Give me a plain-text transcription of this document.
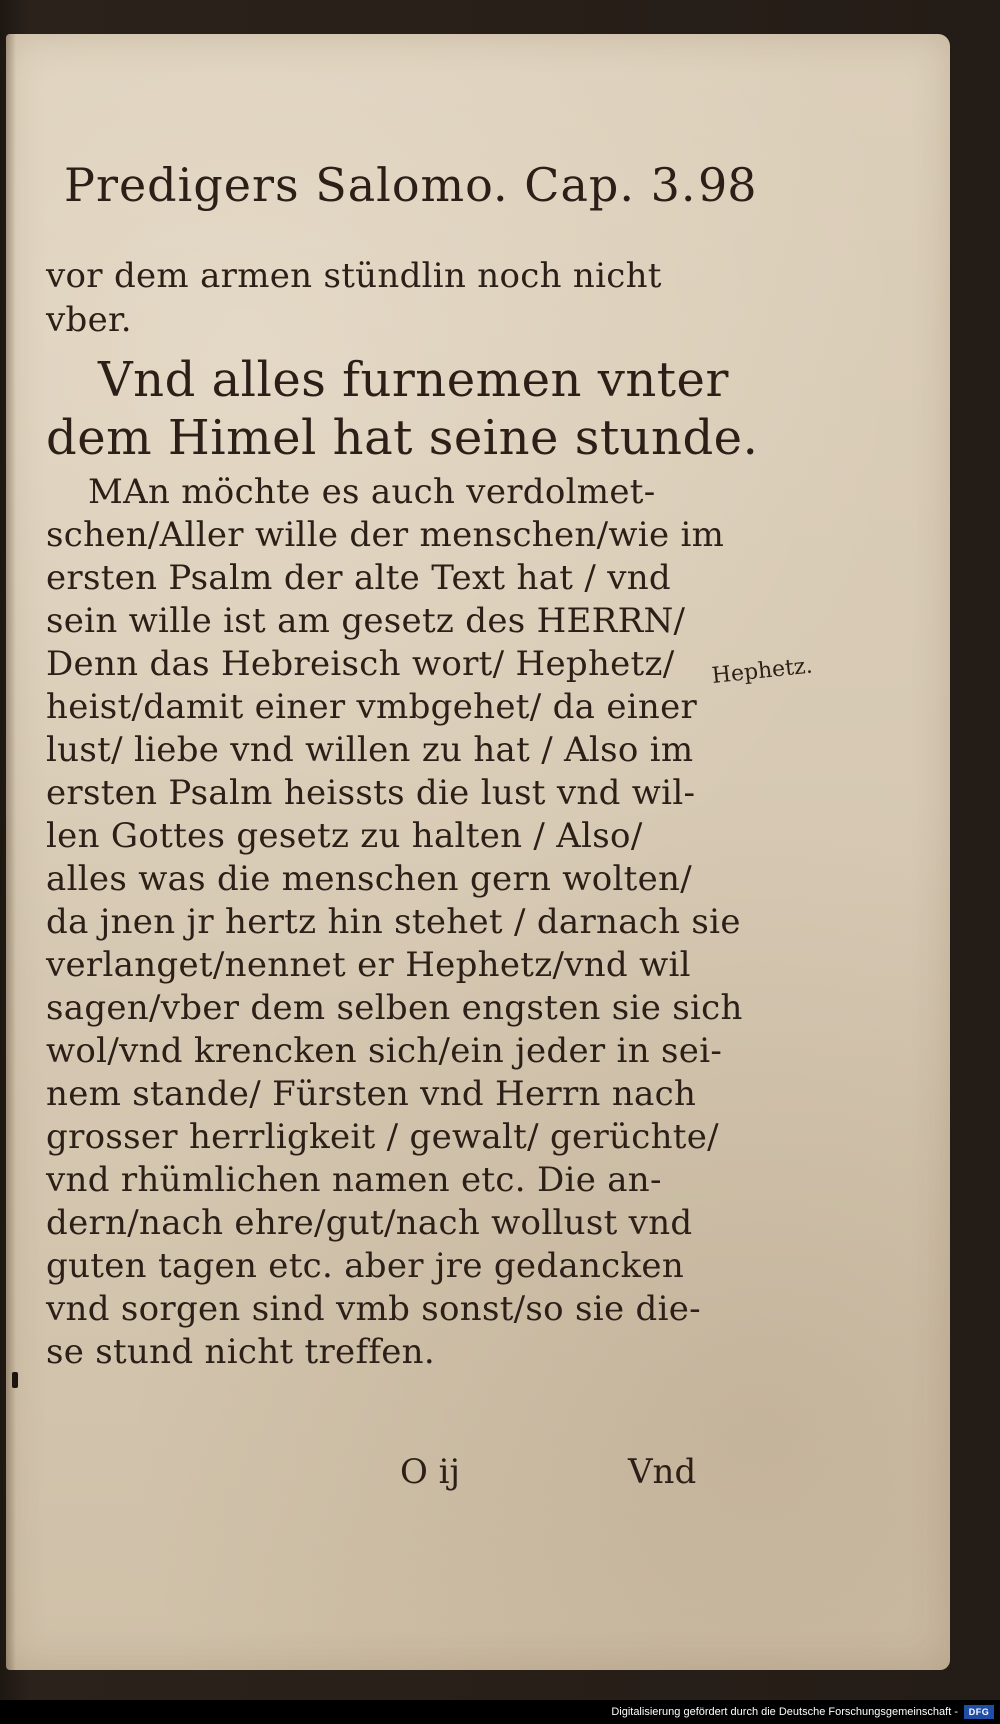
Predigers Salomo. Cap. 3. 98
vor dem armen stündlin noch nicht
vber.
Vnd alles furnemen vnter
dem Himel hat seine stunde.
MAn möchte es auch verdolmet-
schen/Aller wille der menschen/wie im
ersten Psalm der alte Text hat / vnd
sein wille ist am gesetz des HERRN/
Denn das Hebreisch wort/ Hephetz/
heist/damit einer vmbgehet/ da einer
lust/ liebe vnd willen zu hat / Also im
ersten Psalm heissts die lust vnd wil-
len Gottes gesetz zu halten / Also/
alles was die menschen gern wolten/
da jnen jr hertz hin stehet / darnach sie
verlanget/nennet er Hephetz/vnd wil
sagen/vber dem selben engsten sie sich
wol/vnd krencken sich/ein jeder in sei-
nem stande/ Fürsten vnd Herrn nach
grosser herrligkeit / gewalt/ gerüchte/
vnd rhümlichen namen etc. Die an-
dern/nach ehre/gut/nach wollust vnd
guten tagen etc. aber jre gedancken
vnd sorgen sind vmb sonst/so sie die-
se stund nicht treffen.
Hephetz.
O ij	Vnd
Digitalisierung gefördert durch die Deutsche Forschungsgemeinschaft -	DFG
